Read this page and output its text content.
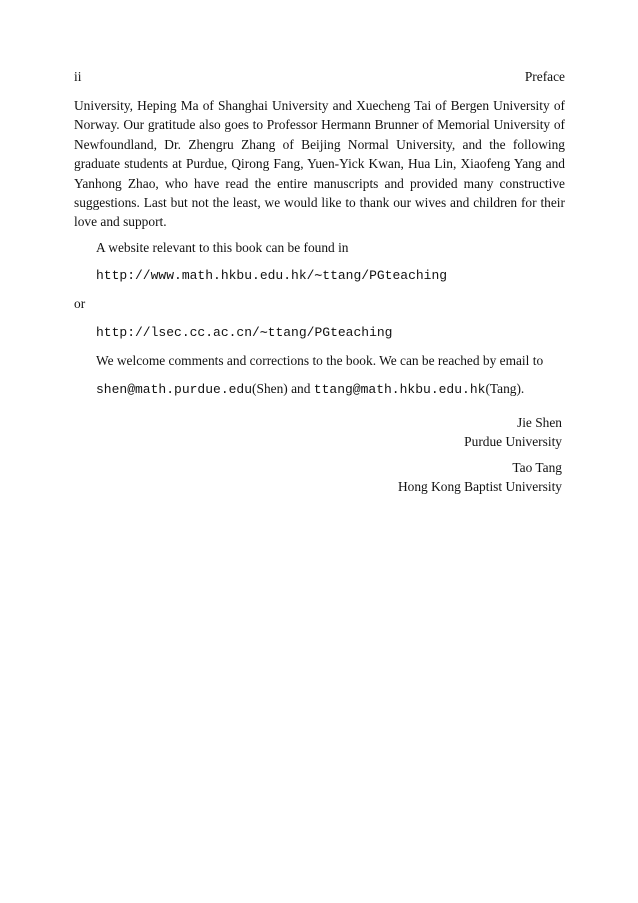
ii	Preface

University, Heping Ma of Shanghai University and Xuecheng Tai of Bergen University of Norway. Our gratitude also goes to Professor Hermann Brunner of Memorial University of Newfoundland, Dr. Zhengru Zhang of Beijing Normal University, and the following graduate students at Purdue, Qirong Fang, Yuen-Yick Kwan, Hua Lin, Xiaofeng Yang and Yanhong Zhao, who have read the entire manuscripts and provided many constructive suggestions. Last but not the least, we would like to thank our wives and children for their love and support.

A website relevant to this book can be found in

http://www.math.hkbu.edu.hk/∼ttang/PGteaching

or

http://lsec.cc.ac.cn/∼ttang/PGteaching

We welcome comments and corrections to the book. We can be reached by email to

shen@math.purdue.edu(Shen) and ttang@math.hkbu.edu.hk(Tang).
Jie Shen
Purdue University
Tao Tang
Hong Kong Baptist University
